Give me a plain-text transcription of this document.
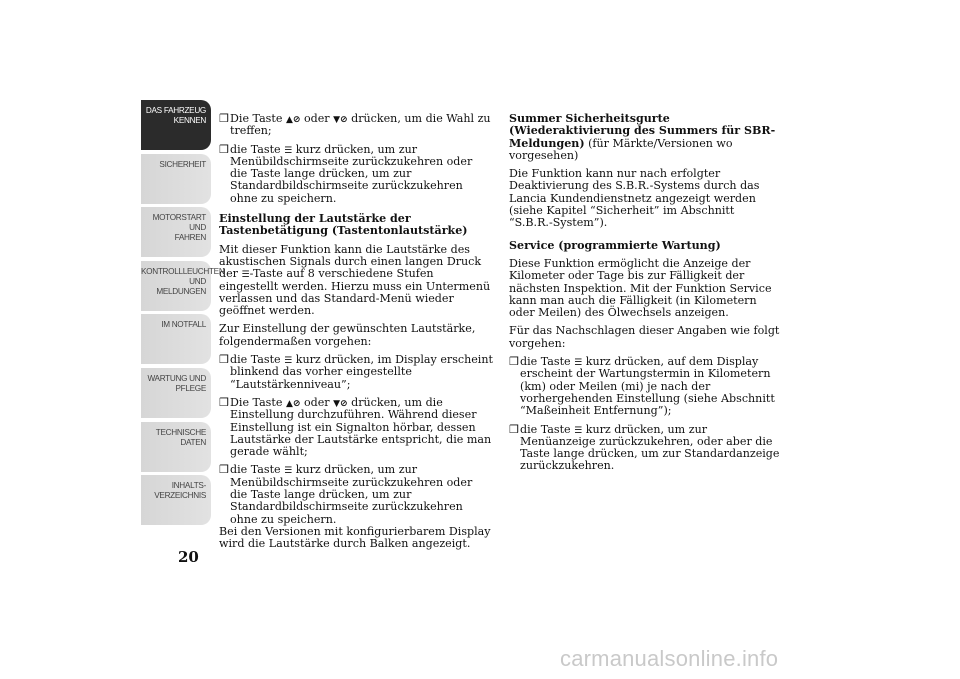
DAS FAHRZEUG
KENNEN
SICHERHEIT
MOTORSTART UND
FAHREN
KONTROLLLEUCHTEN
UND MELDUNGEN
IM NOTFALL
WARTUNG UND
PFLEGE
TECHNISCHE
DATEN
INHALTS-
VERZEICHNIS
20

❒ Die Taste ▲⊘ oder ▼⊘ drücken, um die Wahl zu treffen;

❒ die Taste ☰ kurz drücken, um zur Menübildschirmseite zurückzukehren oder die Taste lange drücken, um zur Standardbildschirmseite zurückzukehren ohne zu speichern.

Einstellung der Lautstärke der Tastenbetätigung (Tastentonlautstärke)

Mit dieser Funktion kann die Lautstärke des akustischen Signals durch einen langen Druck der ☰-Taste auf 8 verschiedene Stufen eingestellt werden. Hierzu muss ein Untermenü verlassen und das Standard-Menü wieder geöffnet werden.

Zur Einstellung der gewünschten Lautstärke, folgendermaßen vorgehen:

❒ die Taste ☰ kurz drücken, im Display erscheint blinkend das vorher eingestellte “Lautstärkenniveau”;

❒ Die Taste ▲⊘ oder ▼⊘ drücken, um die Einstellung durchzuführen. Während dieser Einstellung ist ein Signalton hörbar, dessen Lautstärke der Lautstärke entspricht, die man gerade wählt;

❒ die Taste ☰ kurz drücken, um zur Menübildschirmseite zurückzukehren oder die Taste lange drücken, um zur Standardbildschirmseite zurückzukehren ohne zu speichern.

Bei den Versionen mit konfigurierbarem Display wird die Lautstärke durch Balken angezeigt.

Summer Sicherheitsgurte (Wiederaktivierung des Summers für SBR-Meldungen) (für Märkte/Versionen wo vorgesehen)

Die Funktion kann nur nach erfolgter Deaktivierung des S.B.R.-Systems durch das Lancia Kundendienstnetz angezeigt werden (siehe Kapitel “Sicherheit” im Abschnitt “S.B.R.-System”).

Service (programmierte Wartung)

Diese Funktion ermöglicht die Anzeige der Kilometer oder Tage bis zur Fälligkeit der nächsten Inspektion. Mit der Funktion Service kann man auch die Fälligkeit (in Kilometern oder Meilen) des Ölwechsels anzeigen.

Für das Nachschlagen dieser Angaben wie folgt vorgehen:

❒ die Taste ☰ kurz drücken, auf dem Display erscheint der Wartungstermin in Kilometern (km) oder Meilen (mi) je nach der vorhergehenden Einstellung (siehe Abschnitt “Maßeinheit Entfernung”);

❒ die Taste ☰ kurz drücken, um zur Menüanzeige zurückzukehren, oder aber die Taste lange drücken, um zur Standardanzeige zurückzukehren.

carmanualsonline.info
